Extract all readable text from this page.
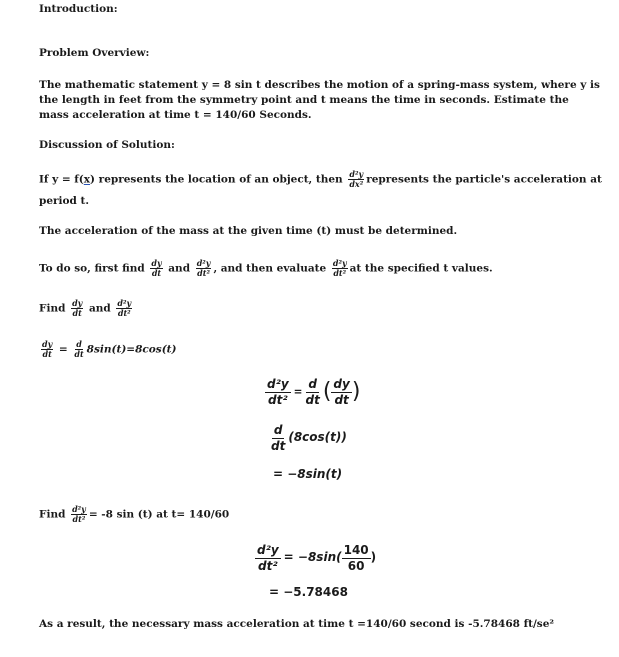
Introduction:
Problem Overview:
The mathematic statement y = 8 sin t describes the motion of a spring-mass system, where y is
the length in feet from the symmetry point and t means the time in seconds. Estimate the
mass acceleration at time t = 140/60 Seconds.
Discussion of Solution:
If y = f(x) represents the location of an object, then $\frac{\text{d²y}}{\text{dx²}}$ represents the particle's acceleration at
period t.
The acceleration of the mass at the given time (t) must be determined.
To do so, first find $\frac{dy}{dt}$ and $\frac{\text{d²y}}{\text{dt²}}$ , and then evaluate $\frac{\text{d²y}}{\text{dt²}}$ at the specified t values.
Find $\frac{dy}{dt}$ and $\frac{\text{d²y}}{\text{dt²}}$
$\frac{dy}{dt} = \frac{d}{dt} 8\sin(t)=8\cos(t)$
$\frac{\text{d²y}}{\text{dt²}} = \frac{d}{dt}$ ( $\frac{dy}{dt}$ )
$\frac{d}{dt} (8\cos(t))$
= −8sin(t)
Find $\frac{\text{d²y}}{\text{dt²}} = -8$ sin (t) at t= 140/60
$\frac{\text{d²y}}{\text{dt²}} = -8\sin( \frac{140}{60}$ )
= −5.78468
As a result, the necessary mass acceleration at time t =140/60 second is -5.78468 ft/se²
